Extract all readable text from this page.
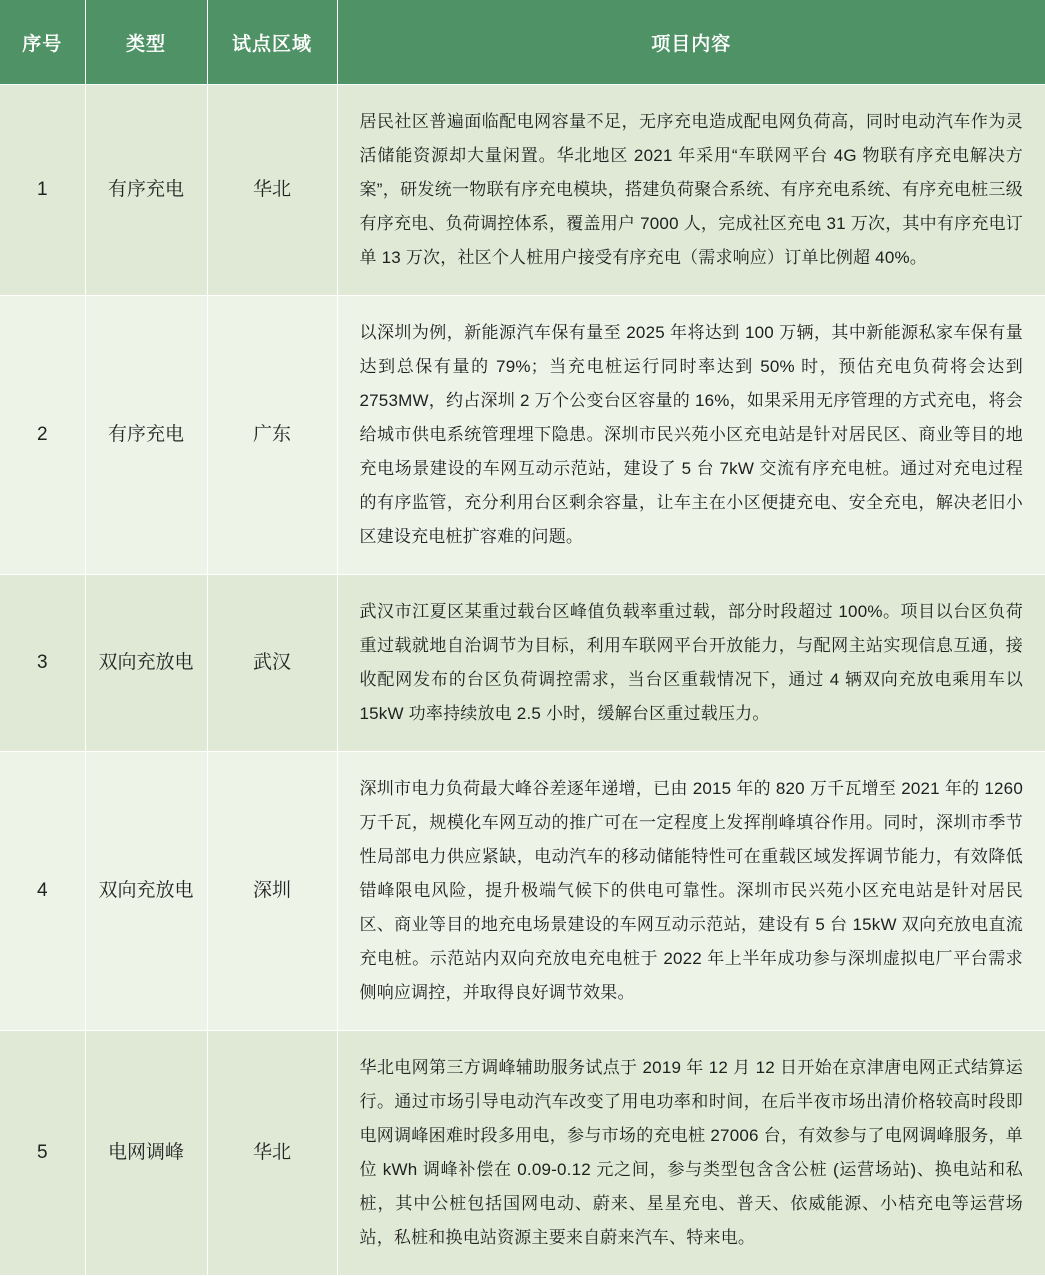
序号	类型	试点区域	项目内容
1	有序充电	华北	居民社区普遍面临配电网容量不足，无序充电造成配电网负荷高，同时电动汽车作为灵活储能资源却大量闲置。华北地区 2021 年采用“车联网平台 4G 物联有序充电解决方案”，研发统一物联有序充电模块，搭建负荷聚合系统、有序充电系统、有序充电桩三级有序充电、负荷调控体系，覆盖用户 7000 人，完成社区充电 31 万次，其中有序充电订单 13 万次，社区个人桩用户接受有序充电（需求响应）订单比例超 40%。
2	有序充电	广东	以深圳为例，新能源汽车保有量至 2025 年将达到 100 万辆，其中新能源私家车保有量达到总保有量的 79%；当充电桩运行同时率达到 50% 时，预估充电负荷将会达到 2753MW，约占深圳 2 万个公变台区容量的 16%，如果采用无序管理的方式充电，将会给城市供电系统管理埋下隐患。深圳市民兴苑小区充电站是针对居民区、商业等目的地充电场景建设的车网互动示范站，建设了 5 台 7kW 交流有序充电桩。通过对充电过程的有序监管，充分利用台区剩余容量，让车主在小区便捷充电、安全充电，解决老旧小区建设充电桩扩容难的问题。
3	双向充放电	武汉	武汉市江夏区某重过载台区峰值负载率重过载，部分时段超过 100%。项目以台区负荷重过载就地自治调节为目标，利用车联网平台开放能力，与配网主站实现信息互通，接收配网发布的台区负荷调控需求，当台区重载情况下，通过 4 辆双向充放电乘用车以 15kW 功率持续放电 2.5 小时，缓解台区重过载压力。
4	双向充放电	深圳	深圳市电力负荷最大峰谷差逐年递增，已由 2015 年的 820 万千瓦增至 2021 年的 1260 万千瓦，规模化车网互动的推广可在一定程度上发挥削峰填谷作用。同时，深圳市季节性局部电力供应紧缺，电动汽车的移动储能特性可在重载区域发挥调节能力，有效降低错峰限电风险，提升极端气候下的供电可靠性。深圳市民兴苑小区充电站是针对居民区、商业等目的地充电场景建设的车网互动示范站，建设有 5 台 15kW 双向充放电直流充电桩。示范站内双向充放电充电桩于 2022 年上半年成功参与深圳虚拟电厂平台需求侧响应调控，并取得良好调节效果。
5	电网调峰	华北	华北电网第三方调峰辅助服务试点于 2019 年 12 月 12 日开始在京津唐电网正式结算运行。通过市场引导电动汽车改变了用电功率和时间，在后半夜市场出清价格较高时段即电网调峰困难时段多用电，参与市场的充电桩 27006 台，有效参与了电网调峰服务，单位 kWh 调峰补偿在 0.09-0.12 元之间，参与类型包含含公桩 (运营场站)、换电站和私桩，其中公桩包括国网电动、蔚来、星星充电、普天、依威能源、小桔充电等运营场站，私桩和换电站资源主要来自蔚来汽车、特来电。
